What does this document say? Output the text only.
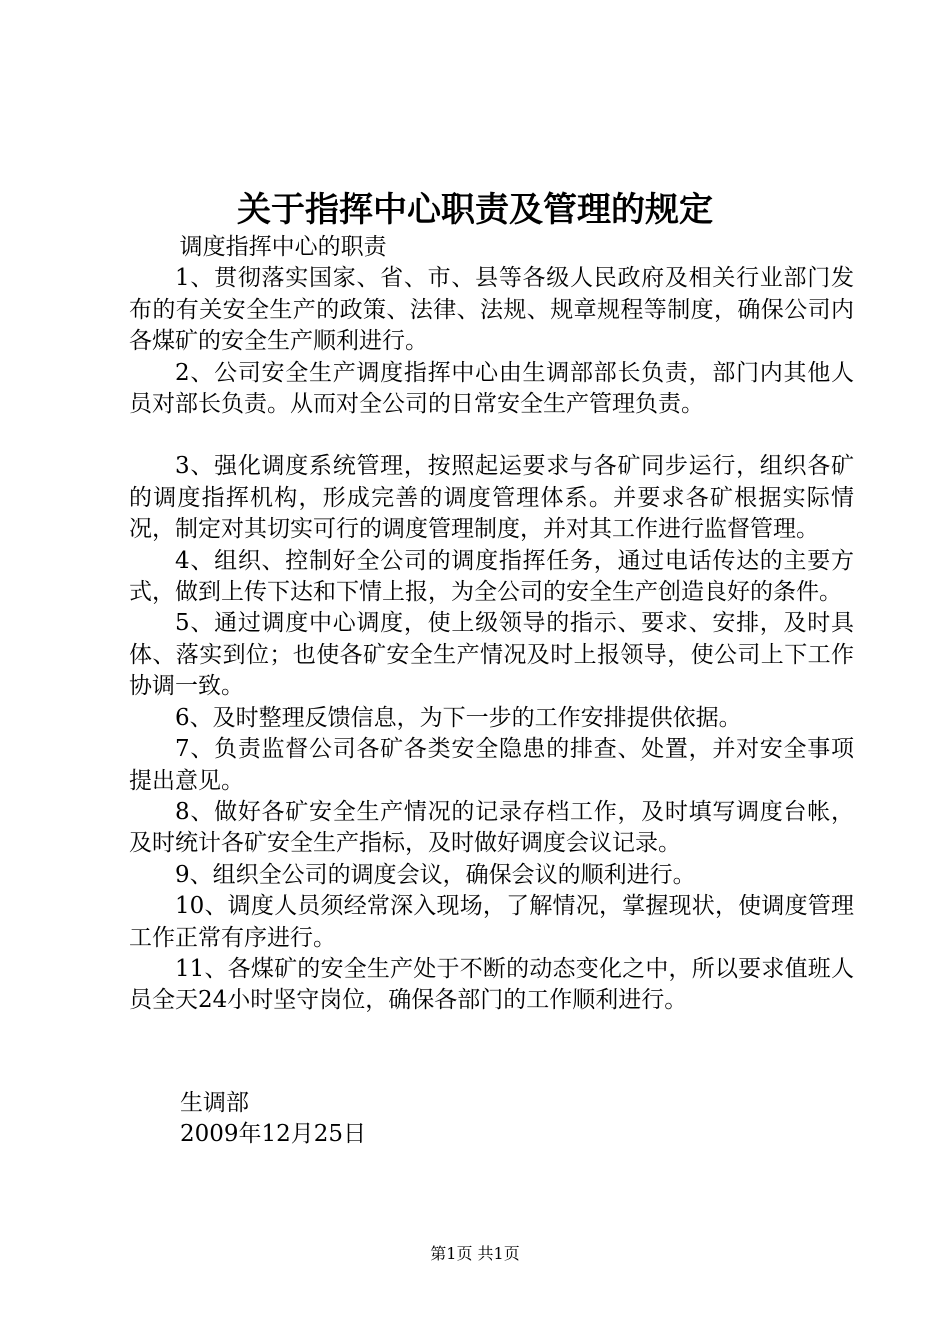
关于指挥中心职责及管理的规定

调度指挥中心的职责

1、贯彻落实国家、省、市、县等各级人民政府及相关行业部门发布的有关安全生产的政策、法律、法规、规章规程等制度，确保公司内各煤矿的安全生产顺利进行。

2、公司安全生产调度指挥中心由生调部部长负责，部门内其他人员对部长负责。从而对全公司的日常安全生产管理负责。

3、强化调度系统管理，按照起运要求与各矿同步运行，组织各矿的调度指挥机构，形成完善的调度管理体系。并要求各矿根据实际情况，制定对其切实可行的调度管理制度，并对其工作进行监督管理。

4、组织、控制好全公司的调度指挥任务，通过电话传达的主要方式，做到上传下达和下情上报，为全公司的安全生产创造良好的条件。

5、通过调度中心调度，使上级领导的指示、要求、安排，及时具体、落实到位；也使各矿安全生产情况及时上报领导，使公司上下工作协调一致。

6、及时整理反馈信息，为下一步的工作安排提供依据。

7、负责监督公司各矿各类安全隐患的排查、处置，并对安全事项提出意见。

8、做好各矿安全生产情况的记录存档工作，及时填写调度台帐，及时统计各矿安全生产指标，及时做好调度会议记录。

9、组织全公司的调度会议，确保会议的顺利进行。

10、调度人员须经常深入现场，了解情况，掌握现状，使调度管理工作正常有序进行。

11、各煤矿的安全生产处于不断的动态变化之中，所以要求值班人员全天24小时坚守岗位，确保各部门的工作顺利进行。

生调部
2009年12月25日
第1页 共1页
